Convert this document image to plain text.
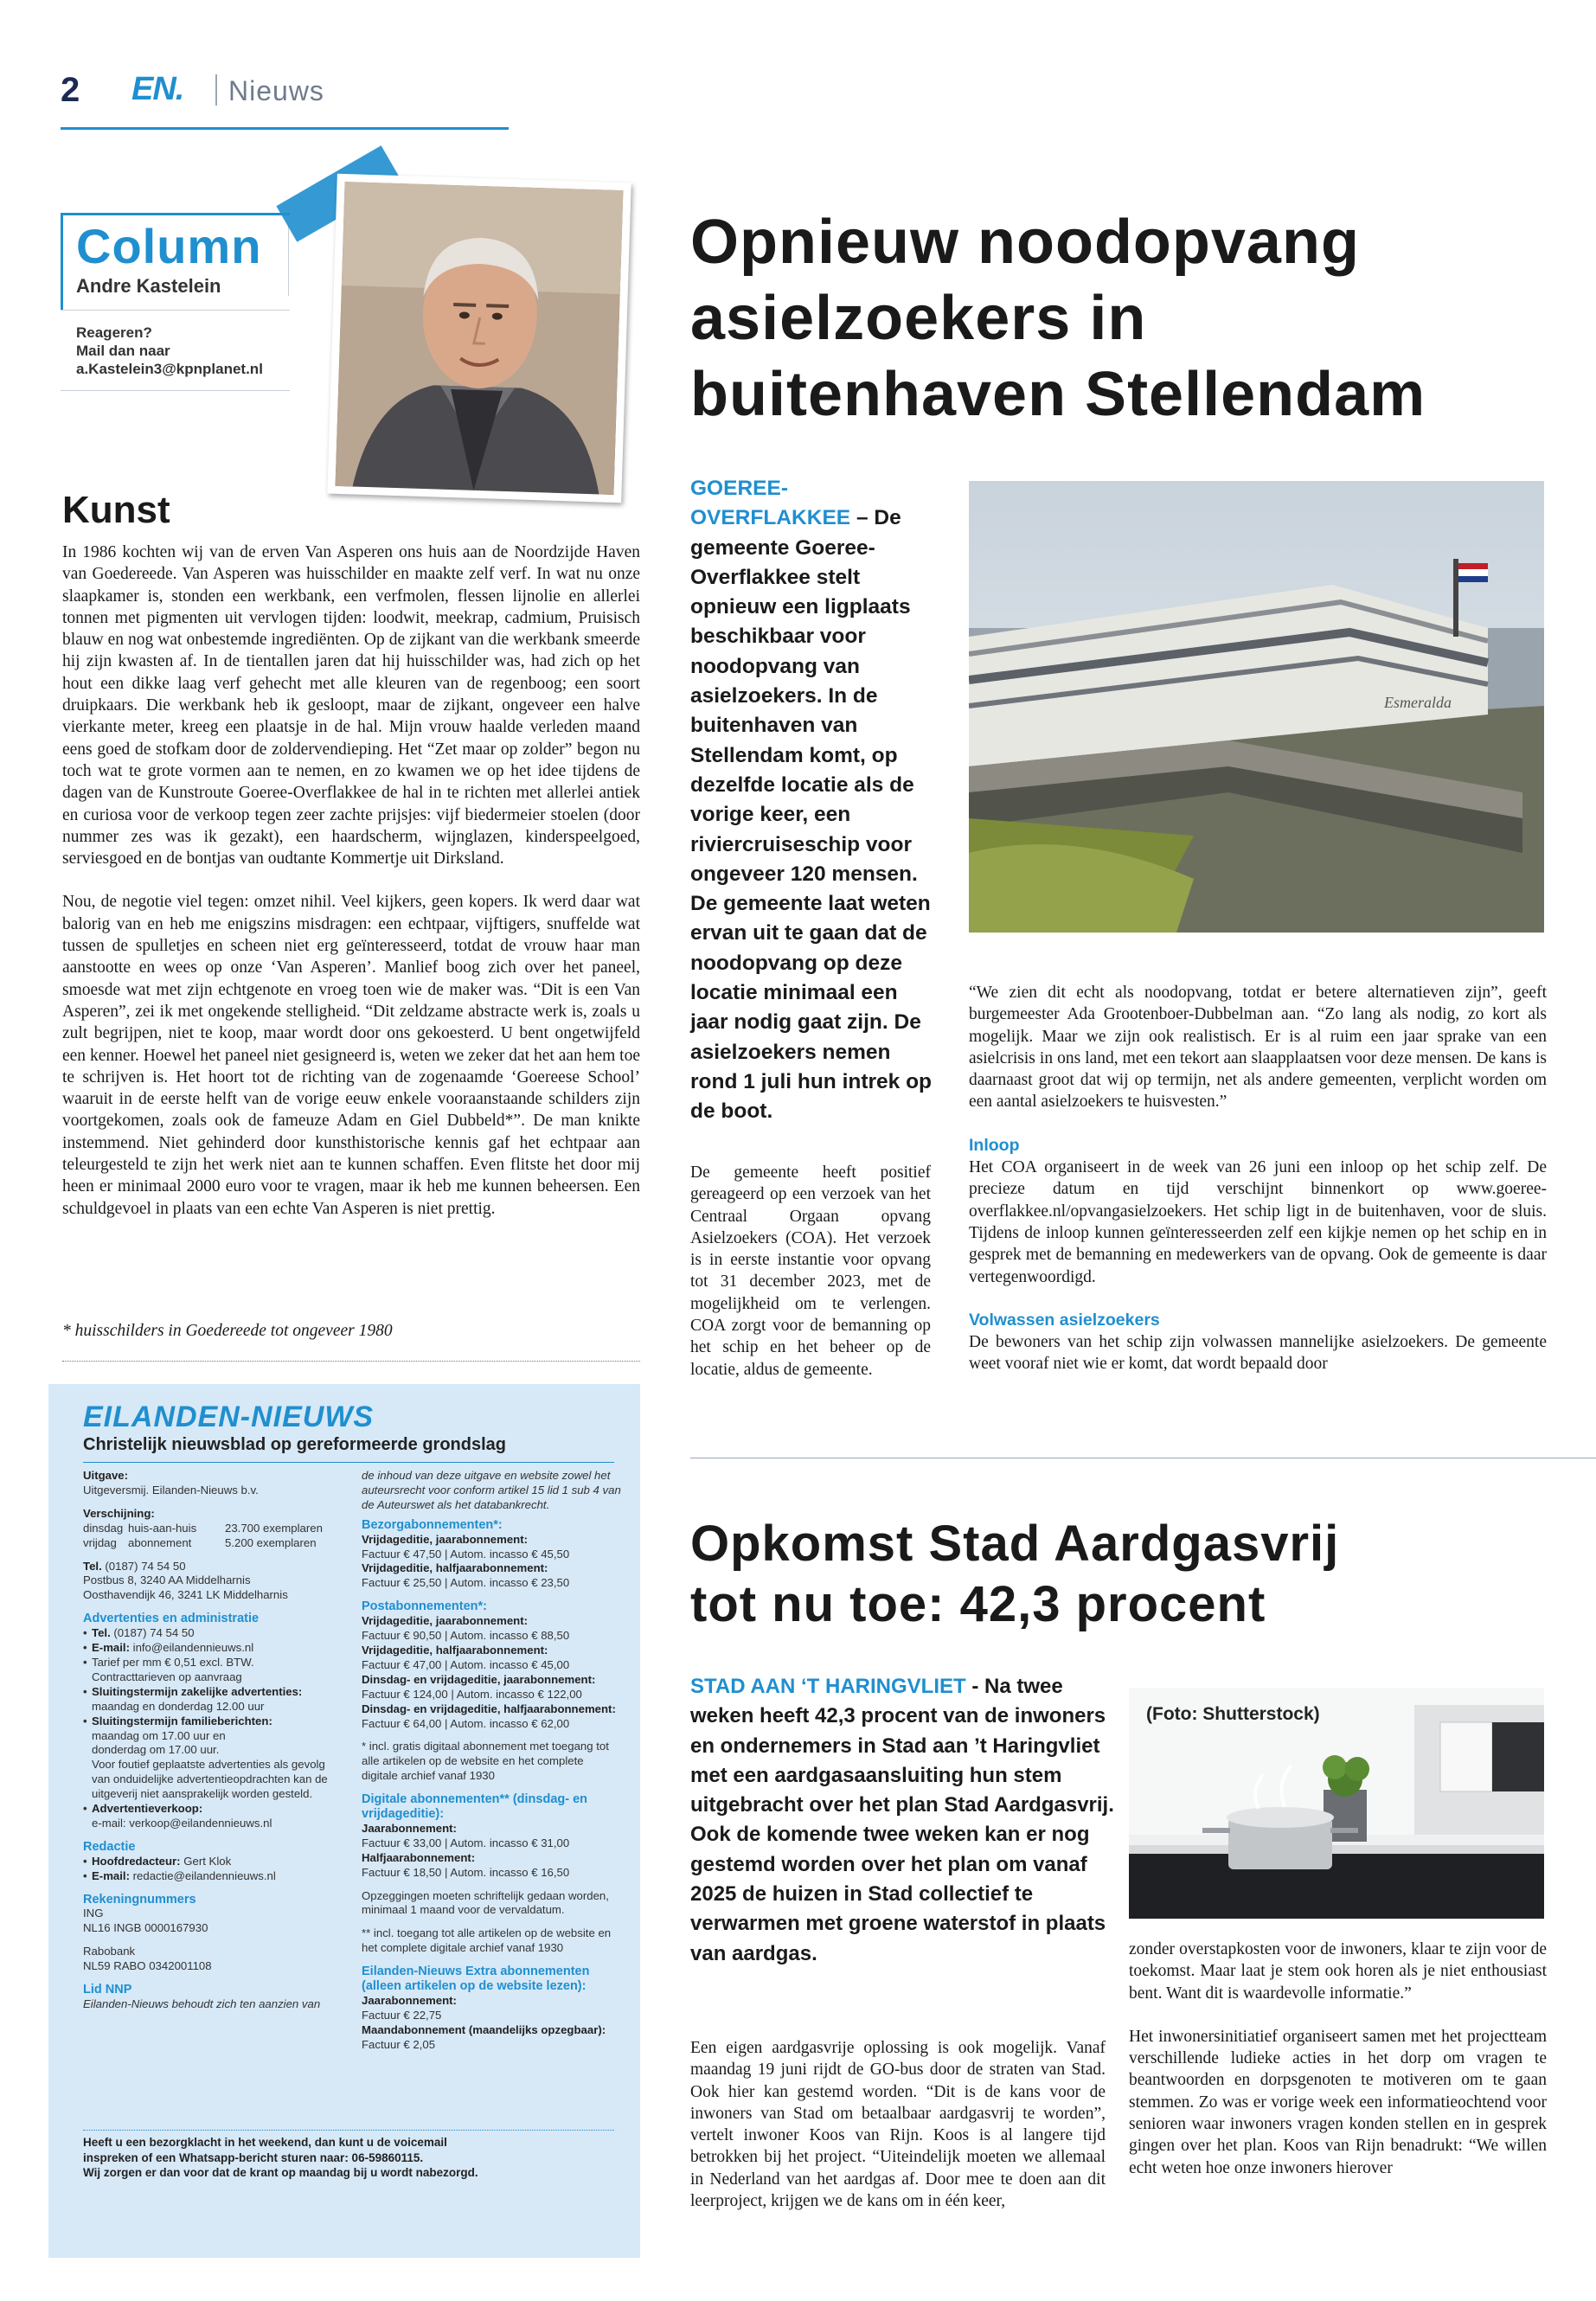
2 EN. Nieuws
Column
Andre Kastelein
Reageren?
Mail dan naar
a.Kastelein3@kpnplanet.nl
Kunst

In 1986 kochten wij van de erven Van Asperen ons huis aan de Noordzijde Haven van Goedereede. Van Asperen was huisschilder en maakte zelf verf. In wat nu onze slaapkamer is, stonden een werkbank, een verfmolen, flessen lijnolie en allerlei tonnen met pigmenten uit vervlogen tijden: loodwit, meekrap, cadmium, Pruisisch blauw en nog wat onbestemde ingrediënten. Op de zijkant van die werkbank smeerde hij zijn kwasten af. In de tientallen jaren dat hij huisschilder was, had zich op het hout een dikke laag verf gehecht met alle kleuren van de regenboog; een soort druipkaars. Die werkbank heb ik gesloopt, maar de zijkant, ongeveer een halve vierkante meter, kreeg een plaatsje in de hal. Mijn vrouw haalde verleden maand eens goed de stofkam door de zoldervendieping. Het “Zet maar op zolder” begon nu toch wat te grote vormen aan te nemen, en zo kwamen we op het idee tijdens de dagen van de Kunstroute Goeree-Overflakkee de hal in te richten met allerlei antiek en curiosa voor de verkoop tegen zeer zachte prijsjes: vijf biedermeier stoelen (door nummer zes was ik gezakt), een haardscherm, wijnglazen, kinderspeelgoed, serviesgoed en de bontjas van oudtante Kommertje uit Dirksland.

Nou, de negotie viel tegen: omzet nihil. Veel kijkers, geen kopers. Ik werd daar wat balorig van en heb me enigszins misdragen: een echtpaar, vijftigers, snuffelde wat tussen de spulletjes en scheen niet erg geïnteresseerd, totdat de vrouw haar man aanstootte en wees op onze ‘Van Asperen’. Manlief boog zich over het paneel, smoesde wat met zijn echtgenote en vroeg toen wie de maker was. “Dit is een Van Asperen”, zei ik met ongekende stelligheid. “Dit zeldzame abstracte werk is, zoals u zult begrijpen, niet te koop, maar wordt door ons gekoesterd. U bent ongetwijfeld een kenner. Hoewel het paneel niet gesigneerd is, weten we zeker dat het aan hem toe te schrijven is. Het hoort tot de richting van de zogenaamde ‘Goereese School’ waaruit in de eerste helft van de vorige eeuw enkele vooraanstaande schilders zijn voortgekomen, zoals ook de fameuze Adam en Giel Dubbeld*”. De man knikte instemmend. Niet gehinderd door kunsthistorische kennis gaf het echtpaar aan teleurgesteld te zijn het werk niet aan te kunnen schaffen. Even flitste het door mij heen er minimaal 2000 euro voor te vragen, maar ik heb me kunnen beheersen. Een schuldgevoel in plaats van een echte Van Asperen is niet prettig.

* huisschilders in Goedereede tot ongeveer 1980
Opnieuw noodopvang
asielzoekers in
buitenhaven Stellendam
GOEREE-OVERFLAKKEE – De gemeente Goeree-Overflakkee stelt opnieuw een ligplaats beschikbaar voor noodopvang van asielzoekers. In de buitenhaven van Stellendam komt, op dezelfde locatie als de vorige keer, een riviercruiseschip voor ongeveer 120 mensen. De gemeente laat weten ervan uit te gaan dat de noodopvang op deze locatie minimaal een jaar nodig gaat zijn. De asielzoekers nemen rond 1 juli hun intrek op de boot.
Esmeralda

De gemeente heeft positief gereageerd op een verzoek van het Centraal Orgaan opvang Asielzoekers (COA). Het verzoek is in eerste instantie voor opvang tot 31 december 2023, met de mogelijkheid om te verlengen. COA zorgt voor de bemanning op het schip en het beheer op de locatie, aldus de gemeente.

“We zien dit echt als noodopvang, totdat er betere alternatieven zijn”, geeft burgemeester Ada Grootenboer-Dubbelman aan. “Zo lang als nodig, zo kort als mogelijk. Maar we zijn ook realistisch. Er is al ruim een jaar sprake van een asielcrisis in ons land, met een tekort aan slaapplaatsen voor deze mensen. De kans is daarnaast groot dat wij op termijn, net als andere gemeenten, verplicht worden om een aantal asielzoekers te huisvesten.”

Inloop

Het COA organiseert in de week van 26 juni een inloop op het schip zelf. De precieze datum en tijd verschijnt binnenkort op www.goeree-overflakkee.nl/opvangasielzoekers. Het schip ligt in de buitenhaven, voor de sluis. Tijdens de inloop kunnen geïnteresseerden zelf een kijkje nemen op het schip en in gesprek met de bemanning en medewerkers van de opvang. Ook de gemeente is daar vertegenwoordigd.

Volwassen asielzoekers

De bewoners van het schip zijn volwassen mannelijke asielzoekers. De gemeente weet vooraf niet wie er komt, dat wordt bepaald door

Opkomst Stad Aardgasvrij
tot nu toe: 42,3 procent
STAD AAN ‘T HARINGVLIET - Na twee weken heeft 42,3 procent van de inwoners en ondernemers in Stad aan ’t Haringvliet met een aardgasaansluiting hun stem uitgebracht over het plan Stad Aardgasvrij. Ook de komende twee weken kan er nog gestemd worden over het plan om vanaf 2025 de huizen in Stad collectief te verwarmen met groene waterstof in plaats van aardgas.
(Foto: Shutterstock)

Een eigen aardgasvrije oplossing is ook mogelijk. Vanaf maandag 19 juni rijdt de GO-bus door de straten van Stad. Ook hier kan gestemd worden. “Dit is de kans voor de inwoners van Stad om betaalbaar aardgasvrij te worden”, vertelt inwoner Koos van Rijn. Koos is al langere tijd betrokken bij het project. “Uiteindelijk moeten we allemaal in Nederland van het aardgas af. Door mee te doen aan dit leerproject, krijgen we de kans om in één keer,

zonder overstapkosten voor de inwoners, klaar te zijn voor de toekomst. Maar laat je stem ook horen als je niet enthousiast bent. Want dit is waardevolle informatie.”

Het inwonersinitiatief organiseert samen met het projectteam verschillende ludieke acties in het dorp om vragen te beantwoorden en dorpsgenoten te motiveren om te gaan stemmen. Zo was er vorige week een informatieochtend voor senioren waar inwoners vragen konden stellen en in gesprek gingen over het plan. Koos van Rijn benadrukt: “We willen echt weten hoe onze inwoners hierover

EILANDEN-NIEUWS
Christelijk nieuwsblad op gereformeerde grondslag
Uitgave:
Uitgeversmij. Eilanden-Nieuws b.v.
Verschijning:
dinsdag huis-aan-huis	23.700 exemplaren
vrijdag abonnement	5.200 exemplaren
Tel. (0187) 74 54 50
Postbus 8, 3240 AA Middelharnis
Oosthavendijk 46, 3241 LK Middelharnis
Advertenties en administratie
• Tel. (0187) 74 54 50
• E-mail: info@eilandennieuws.nl
• Tarief per mm € 0,51 excl. BTW.
Contracttarieven op aanvraag
• Sluitingstermijn zakelijke advertenties:
maandag en donderdag 12.00 uur
• Sluitingstermijn familieberichten:
maandag om 17.00 uur en
donderdag om 17.00 uur.
Voor foutief geplaatste advertenties als gevolg van onduidelijke advertentieopdrachten kan de uitgeverij niet aansprakelijk worden gesteld.
• Advertentieverkoop:
e-mail: verkoop@eilandennieuws.nl
Redactie
• Hoofdredacteur: Gert Klok
• E-mail: redactie@eilandennieuws.nl
Rekeningnummers
ING
NL16 INGB 0000167930
Rabobank
NL59 RABO 0342001108
Lid NNP
Eilanden-Nieuws behoudt zich ten aanzien van
de inhoud van deze uitgave en website zowel het auteursrecht voor conform artikel 15 lid 1 sub 4 van de Auteurswet als het databankrecht.
Bezorgabonnementen*:
Vrijdageditie, jaarabonnement:
Factuur € 47,50 | Autom. incasso € 45,50
Vrijdageditie, halfjaarabonnement:
Factuur € 25,50 | Autom. incasso € 23,50
Postabonnementen*:
Vrijdageditie, jaarabonnement:
Factuur € 90,50 | Autom. incasso € 88,50
Vrijdageditie, halfjaarabonnement:
Factuur € 47,00 | Autom. incasso € 45,00
Dinsdag- en vrijdageditie, jaarabonnement:
Factuur € 124,00 | Autom. incasso € 122,00
Dinsdag- en vrijdageditie, halfjaarabonnement:
Factuur € 64,00 | Autom. incasso € 62,00
* incl. gratis digitaal abonnement met toegang tot alle artikelen op de website en het complete digitale archief vanaf 1930
Digitale abonnementen** (dinsdag- en vrijdageditie):
Jaarabonnement:
Factuur € 33,00 | Autom. incasso € 31,00
Halfjaarabonnement:
Factuur € 18,50 | Autom. incasso € 16,50
Opzeggingen moeten schriftelijk gedaan worden, minimaal 1 maand voor de vervaldatum.
** incl. toegang tot alle artikelen op de website en het complete digitale archief vanaf 1930
Eilanden-Nieuws Extra abonnementen (alleen artikelen op de website lezen):
Jaarabonnement:
Factuur € 22,75
Maandabonnement (maandelijks opzegbaar):
Factuur € 2,05
Heeft u een bezorgklacht in het weekend, dan kunt u de voicemail
inspreken of een Whatsapp-bericht sturen naar: 06-59860115.
Wij zorgen er dan voor dat de krant op maandag bij u wordt nabezorgd.
